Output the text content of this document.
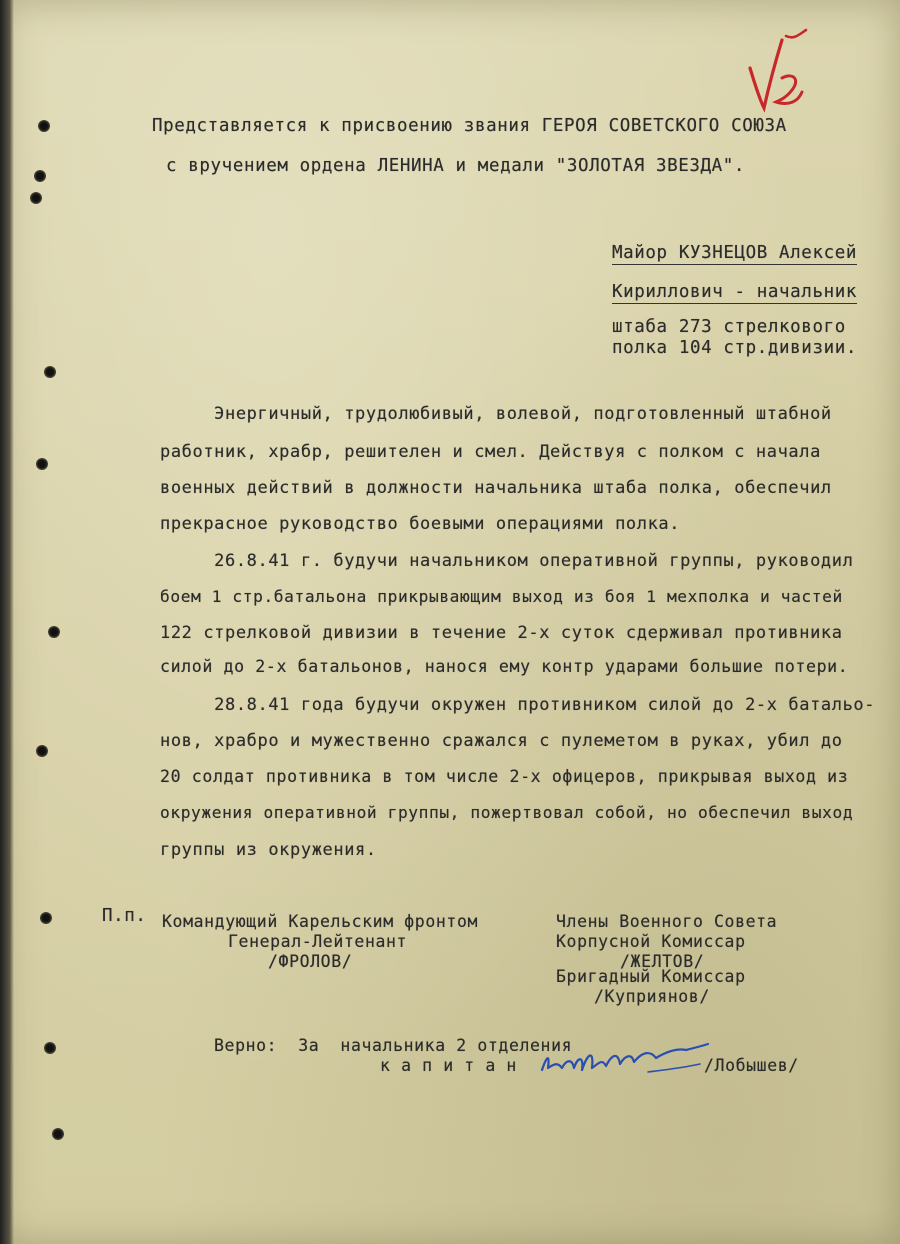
Представляется к присвоению звания ГЕРОЯ СОВЕТСКОГО СОЮЗА
с вручением ордена ЛЕНИНА и медали "ЗОЛОТАЯ ЗВЕЗДА".
Майор КУЗНЕЦОВ Алексей
Кириллович - начальник
штаба 273 стрелкового
полка 104 стр.дивизии.
Энергичный, трудолюбивый, волевой, подготовленный штабной
работник, храбр, решителен и смел. Действуя с полком с начала
военных действий в должности начальника штаба полка, обеспечил
прекрасное руководство боевыми операциями полка.
26.8.41 г. будучи начальником оперативной группы, руководил
боем 1 стр.батальона прикрывающим выход из боя 1 мехполка и частей
122 стрелковой дивизии в течение 2-х суток сдерживал противника
силой до 2-х батальонов, нанося ему контр ударами большие потери.
28.8.41 года будучи окружен противником силой до 2-х батальо-
нов, храбро и мужественно сражался с пулеметом в руках, убил до
20 солдат противника в том числе 2-х офицеров, прикрывая выход из
окружения оперативной группы, пожертвовал собой, но обеспечил выход
группы из окружения.
П.п. Командующий Карельским фронтом
Генерал-Лейтенант
/ФРОЛОВ/
Члены Военного Совета
Корпусной Комиссар
/ЖЕЛТОВ/
Бригадный Комиссар
/Куприянов/
Верно:  За  начальника 2 отделения
к а п и т а н	/Лобышев/
